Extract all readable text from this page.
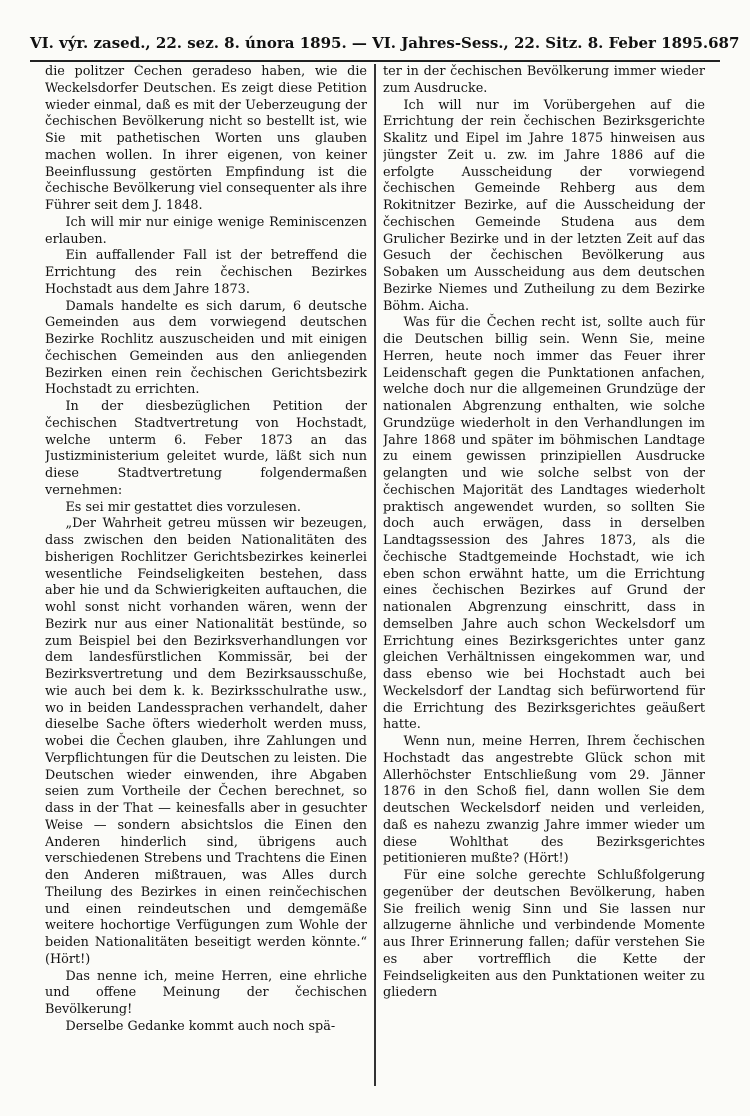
VI. výr. zased., 22. sez. 8. února 1895. — VI. Jahres-Sess., 22. Sitz. 8. Feber 1895. 687

die politzer Čechen geradeso haben, wie die Weckelsdorfer Deutschen. Es zeigt diese Petition wieder einmal, daß es mit der Ueberzeugung der čechischen Bevölkerung nicht so bestellt ist, wie Sie mit pathetischen Worten uns glauben machen wollen. In ihrer eigenen, von keiner Beeinflussung gestörten Empfindung ist die čechische Bevölkerung viel consequenter als ihre Führer seit dem J. 1848.

Ich will mir nur einige wenige Reminiscenzen erlauben.

Ein auffallender Fall ist der betreffend die Errichtung des rein čechischen Bezirkes Hochstadt aus dem Jahre 1873.

Damals handelte es sich darum, 6 deutsche Gemeinden aus dem vorwiegend deutschen Bezirke Rochlitz auszuscheiden und mit einigen čechischen Gemeinden aus den anliegenden Bezirken einen rein čechischen Gerichtsbezirk Hochstadt zu errichten.

In der diesbezüglichen Petition der čechischen Stadtvertretung von Hochstadt, welche unterm 6. Feber 1873 an das Justizministerium geleitet wurde, läßt sich nun diese Stadtvertretung folgendermaßen vernehmen:

Es sei mir gestattet dies vorzulesen.

„Der Wahrheit getreu müssen wir bezeugen, dass zwischen den beiden Nationalitäten des bisherigen Rochlitzer Gerichtsbezirkes keinerlei wesentliche Feindseligkeiten bestehen, dass aber hie und da Schwierigkeiten auftauchen, die wohl sonst nicht vorhanden wären, wenn der Bezirk nur aus einer Nationalität bestünde, so zum Beispiel bei den Bezirksverhandlungen vor dem landesfürstlichen Kommissär, bei der Bezirksvertretung und dem Bezirksausschuße, wie auch bei dem k. k. Bezirksschulrathe usw., wo in beiden Landessprachen verhandelt, daher dieselbe Sache öfters wiederholt werden muss, wobei die Čechen glauben, ihre Zahlungen und Verpflichtungen für die Deutschen zu leisten. Die Deutschen wieder einwenden, ihre Abgaben seien zum Vortheile der Čechen berechnet, so dass in der That — keinesfalls aber in gesuchter Weise — sondern absichtslos die Einen den Anderen hinderlich sind, übrigens auch verschiedenen Strebens und Trachtens die Einen den Anderen mißtrauen, was Alles durch Theilung des Bezirkes in einen reinčechischen und einen reindeutschen und demgemäße weitere hochortige Verfügungen zum Wohle der beiden Nationalitäten beseitigt werden könnte.“ (Hört!)

Das nenne ich, meine Herren, eine ehrliche und offene Meinung der čechischen Bevölkerung!

Derselbe Gedanke kommt auch noch spä-

ter in der čechischen Bevölkerung immer wieder zum Ausdrucke.

Ich will nur im Vorübergehen auf die Errichtung der rein čechischen Bezirksgerichte Skalitz und Eipel im Jahre 1875 hinweisen aus jüngster Zeit u. zw. im Jahre 1886 auf die erfolgte Ausscheidung der vorwiegend čechischen Gemeinde Rehberg aus dem Rokitnitzer Bezirke, auf die Ausscheidung der čechischen Gemeinde Studena aus dem Grulicher Bezirke und in der letzten Zeit auf das Gesuch der čechischen Bevölkerung aus Sobaken um Ausscheidung aus dem deutschen Bezirke Niemes und Zutheilung zu dem Bezirke Böhm. Aicha.

Was für die Čechen recht ist, sollte auch für die Deutschen billig sein. Wenn Sie, meine Herren, heute noch immer das Feuer ihrer Leidenschaft gegen die Punktationen anfachen, welche doch nur die allgemeinen Grundzüge der nationalen Abgrenzung enthalten, wie solche Grundzüge wiederholt in den Verhandlungen im Jahre 1868 und später im böhmischen Landtage zu einem gewissen prinzipiellen Ausdrucke gelangten und wie solche selbst von der čechischen Majorität des Landtages wiederholt praktisch angewendet wurden, so sollten Sie doch auch erwägen, dass in derselben Landtagssession des Jahres 1873, als die čechische Stadtgemeinde Hochstadt, wie ich eben schon erwähnt hatte, um die Errichtung eines čechischen Bezirkes auf Grund der nationalen Abgrenzung einschritt, dass in demselben Jahre auch schon Weckelsdorf um Errichtung eines Bezirksgerichtes unter ganz gleichen Verhältnissen eingekommen war, und dass ebenso wie bei Hochstadt auch bei Weckelsdorf der Landtag sich befürwortend für die Errichtung des Bezirksgerichtes geäußert hatte.

Wenn nun, meine Herren, Ihrem čechischen Hochstadt das angestrebte Glück schon mit Allerhöchster Entschließung vom 29. Jänner 1876 in den Schoß fiel, dann wollen Sie dem deutschen Weckelsdorf neiden und verleiden, daß es nahezu zwanzig Jahre immer wieder um diese Wohlthat des Bezirksgerichtes petitionieren mußte? (Hört!)

Für eine solche gerechte Schlußfolgerung gegenüber der deutschen Bevölkerung, haben Sie freilich wenig Sinn und Sie lassen nur allzugerne ähnliche und verbindende Momente aus Ihrer Erinnerung fallen; dafür verstehen Sie es aber vortrefflich die Kette der Feindseligkeiten aus den Punktationen weiter zu gliedern
